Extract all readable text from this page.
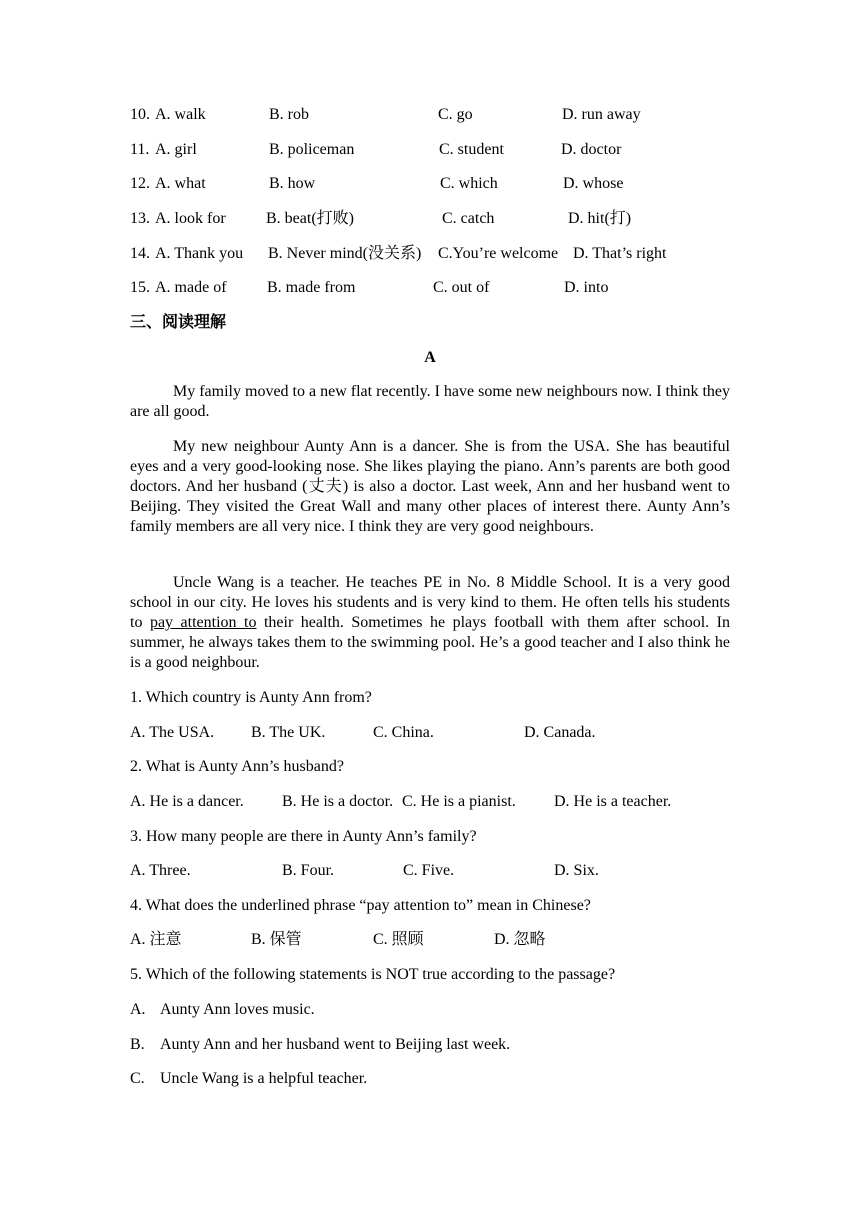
10. A. walk	B. rob	C. go	D. run away
11. A. girl	B. policeman	C. student	D. doctor
12. A. what	B. how	C. which	D. whose
13. A. look for	B. beat(打败)	C. catch	D. hit(打)
14. A. Thank you B. Never mind(没关系) C.You’re welcome D. That’s right
15. A. made of	B. made from	C. out of	D. into
三、阅读理解
A
My family moved to a new flat recently. I have some new neighbours now. I think they are all good.
My new neighbour Aunty Ann is a dancer. She is from the USA. She has beautiful eyes and a very good-looking nose. She likes playing the piano. Ann’s parents are both good doctors. And her husband (丈夫) is also a doctor. Last week, Ann and her husband went to Beijing. They visited the Great Wall and many other places of interest there. Aunty Ann’s family members are all very nice. I think they are very good neighbours.
Uncle Wang is a teacher. He teaches PE in No. 8 Middle School. It is a very good school in our city. He loves his students and is very kind to them. He often tells his students to pay attention to their health. Sometimes he plays football with them after school. In summer, he always takes them to the swimming pool. He’s a good teacher and I also think he is a good neighbour.
1. Which country is Aunty Ann from?
A. The USA. B. The UK.	C. China.	D. Canada.
2. What is Aunty Ann’s husband?
A. He is a dancer. B. He is a doctor. C. He is a pianist. D. He is a teacher.
3. How many people are there in Aunty Ann’s family?
A. Three.	B. Four.	C. Five.	D. Six.
4. What does the underlined phrase “pay attention to” mean in Chinese?
A. 注意	B. 保管	C. 照顾	D. 忽略
5. Which of the following statements is NOT true according to the passage?
A. Aunty Ann loves music.
B. Aunty Ann and her husband went to Beijing last week.
C. Uncle Wang is a helpful teacher.
